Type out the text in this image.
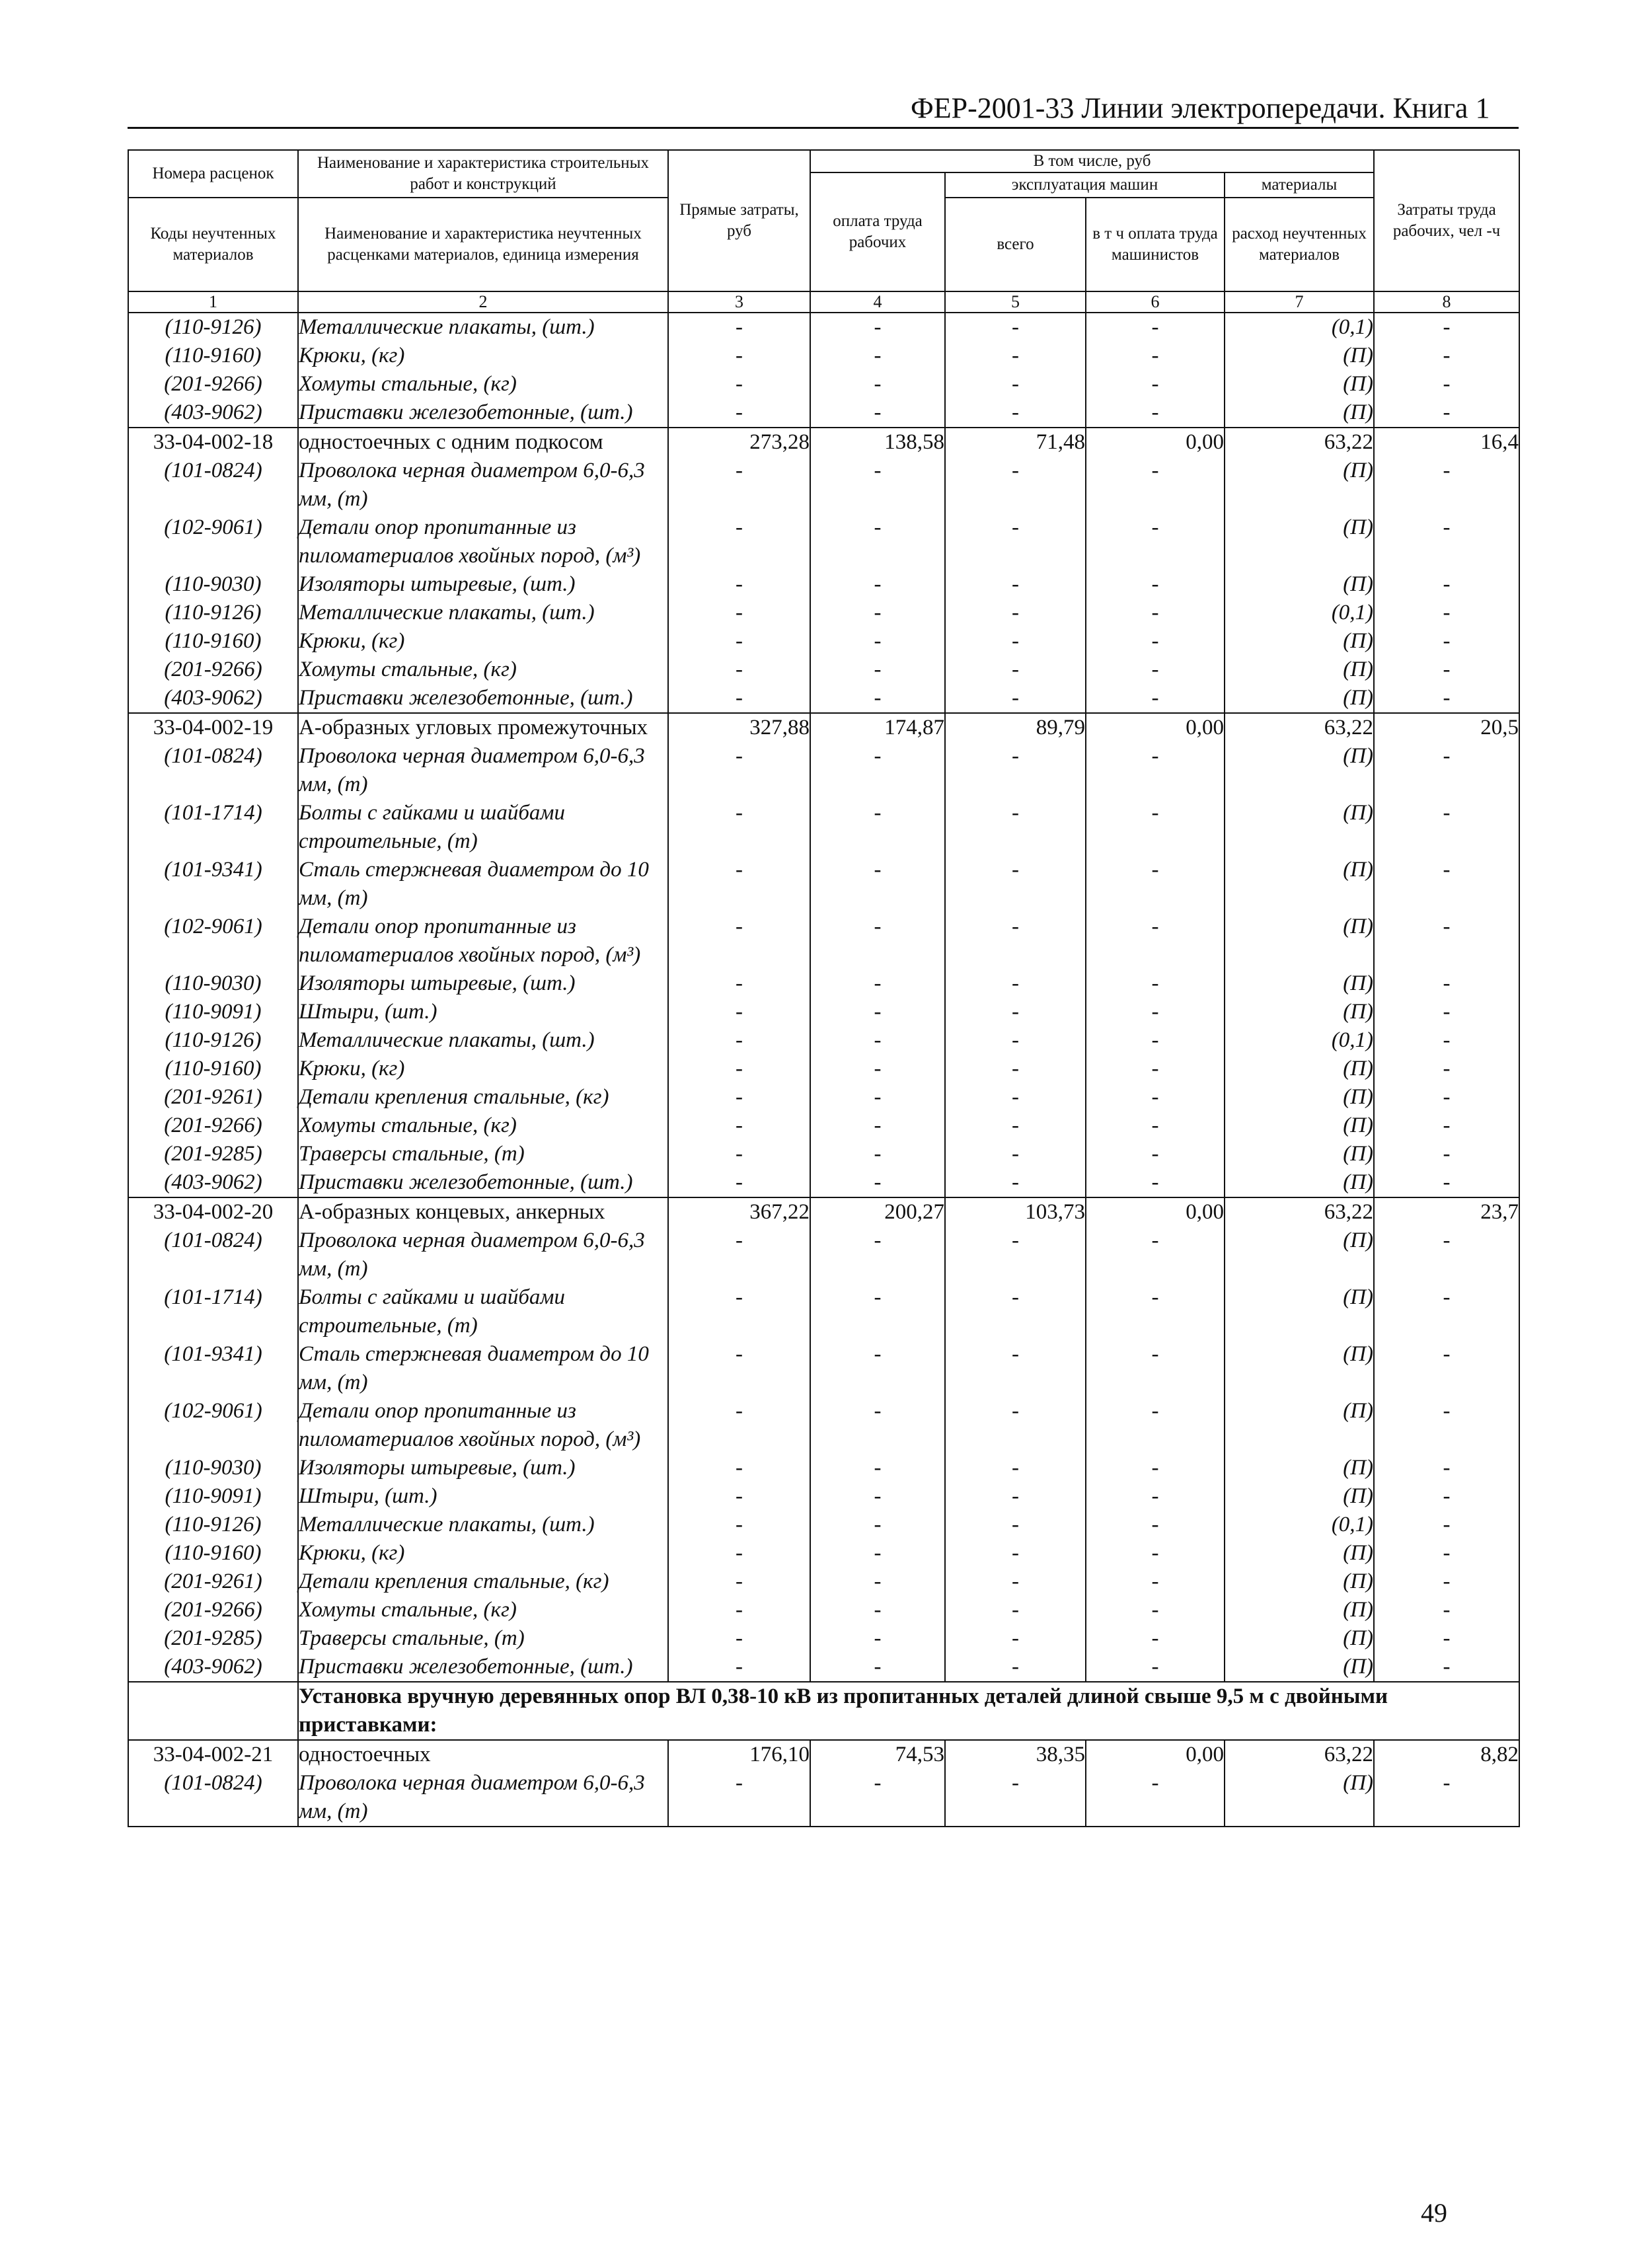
ФЕР-2001-33 Линии электропередачи. Книга 1
Номера расценок	Наименование и характеристика строительных работ и конструкций	Прямые затраты, руб	В том числе, руб				Затраты труда рабочих, чел -ч
			оплата труда рабочих	эксплуатация машин		материалы	
Коды неучтенных материалов	Наименование и характеристика неучтенных расценками материалов, единица измерения			всего	в т ч оплата труда машинистов	расход неучтенных материалов	

1	2	3	4	5	6	7	8
(110-9126)	Металлические плакаты, (шт.)	-	-	-	-	(0,1)	-
(110-9160)	Крюки, (кг)	-	-	-	-	(П)	-
(201-9266)	Хомуты стальные, (кг)	-	-	-	-	(П)	-
(403-9062)	Приставки железобетонные, (шт.)	-	-	-	-	(П)	-
33-04-002-18	одностоечных с одним подкосом	273,28	138,58	71,48	0,00	63,22	16,4
(101-0824)	Проволока черная диаметром 6,0-6,3 мм, (т)	-	-	-	-	(П)	-
(102-9061)	Детали опор пропитанные из пиломатериалов хвойных пород, (м³)	-	-	-	-	(П)	-
(110-9030)	Изоляторы штыревые, (шт.)	-	-	-	-	(П)	-
(110-9126)	Металлические плакаты, (шт.)	-	-	-	-	(0,1)	-
(110-9160)	Крюки, (кг)	-	-	-	-	(П)	-
(201-9266)	Хомуты стальные, (кг)	-	-	-	-	(П)	-
(403-9062)	Приставки железобетонные, (шт.)	-	-	-	-	(П)	-
33-04-002-19	А-образных угловых промежуточных	327,88	174,87	89,79	0,00	63,22	20,5
(101-0824)	Проволока черная диаметром 6,0-6,3 мм, (т)	-	-	-	-	(П)	-
(101-1714)	Болты с гайками и шайбами строительные, (т)	-	-	-	-	(П)	-
(101-9341)	Сталь стержневая диаметром до 10 мм, (т)	-	-	-	-	(П)	-
(102-9061)	Детали опор пропитанные из пиломатериалов хвойных пород, (м³)	-	-	-	-	(П)	-
(110-9030)	Изоляторы штыревые, (шт.)	-	-	-	-	(П)	-
(110-9091)	Штыри, (шт.)	-	-	-	-	(П)	-
(110-9126)	Металлические плакаты, (шт.)	-	-	-	-	(0,1)	-
(110-9160)	Крюки, (кг)	-	-	-	-	(П)	-
(201-9261)	Детали крепления стальные, (кг)	-	-	-	-	(П)	-
(201-9266)	Хомуты стальные, (кг)	-	-	-	-	(П)	-
(201-9285)	Траверсы стальные, (т)	-	-	-	-	(П)	-
(403-9062)	Приставки железобетонные, (шт.)	-	-	-	-	(П)	-
33-04-002-20	А-образных концевых, анкерных	367,22	200,27	103,73	0,00	63,22	23,7
(101-0824)	Проволока черная диаметром 6,0-6,3 мм, (т)	-	-	-	-	(П)	-
(101-1714)	Болты с гайками и шайбами строительные, (т)	-	-	-	-	(П)	-
(101-9341)	Сталь стержневая диаметром до 10 мм, (т)	-	-	-	-	(П)	-
(102-9061)	Детали опор пропитанные из пиломатериалов хвойных пород, (м³)	-	-	-	-	(П)	-
(110-9030)	Изоляторы штыревые, (шт.)	-	-	-	-	(П)	-
(110-9091)	Штыри, (шт.)	-	-	-	-	(П)	-
(110-9126)	Металлические плакаты, (шт.)	-	-	-	-	(0,1)	-
(110-9160)	Крюки, (кг)	-	-	-	-	(П)	-
(201-9261)	Детали крепления стальные, (кг)	-	-	-	-	(П)	-
(201-9266)	Хомуты стальные, (кг)	-	-	-	-	(П)	-
(201-9285)	Траверсы стальные, (т)	-	-	-	-	(П)	-
(403-9062)	Приставки железобетонные, (шт.)	-	-	-	-	(П)	-
	Установка вручную деревянных опор ВЛ 0,38-10 кВ из пропитанных деталей длиной свыше 9,5 м с двойными приставками:						
33-04-002-21	одностоечных	176,10	74,53	38,35	0,00	63,22	8,82
(101-0824)	Проволока черная диаметром 6,0-6,3 мм, (т)	-	-	-	-	(П)	-
49
